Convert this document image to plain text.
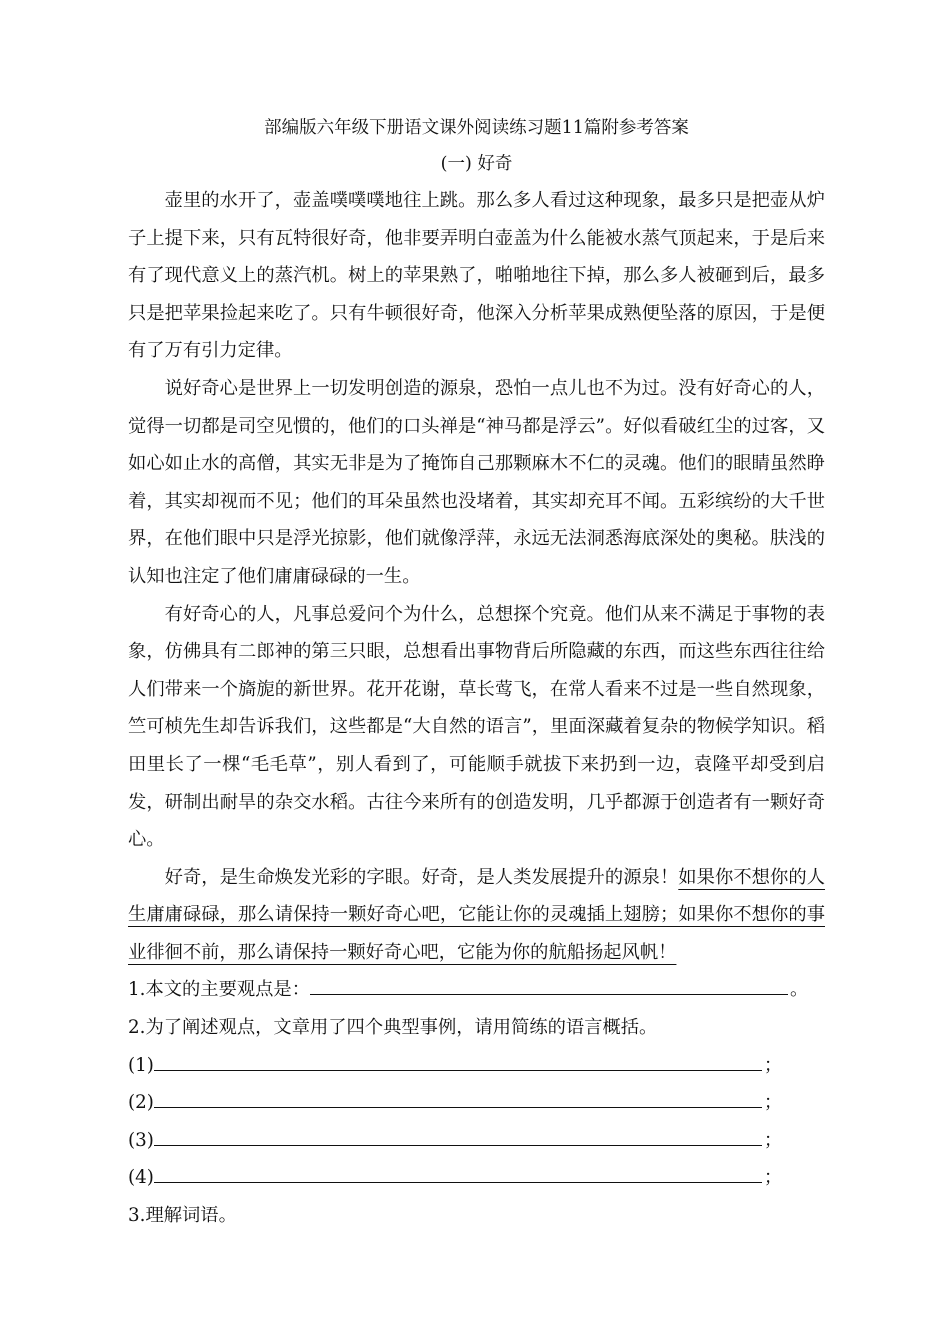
部编版六年级下册语文课外阅读练习题11篇附参考答案
(一) 好奇

壶里的水开了，壶盖噗噗噗地往上跳。那么多人看过这种现象，最多只是把壶从炉子上提下来，只有瓦特很好奇，他非要弄明白壶盖为什么能被水蒸气顶起来，于是后来有了现代意义上的蒸汽机。树上的苹果熟了，啪啪地往下掉，那么多人被砸到后，最多只是把苹果捡起来吃了。只有牛顿很好奇，他深入分析苹果成熟便坠落的原因，于是便有了万有引力定律。

说好奇心是世界上一切发明创造的源泉，恐怕一点儿也不为过。没有好奇心的人，觉得一切都是司空见惯的，他们的口头禅是“神马都是浮云”。好似看破红尘的过客，又如心如止水的高僧，其实无非是为了掩饰自己那颗麻木不仁的灵魂。他们的眼睛虽然睁着，其实却视而不见；他们的耳朵虽然也没堵着，其实却充耳不闻。五彩缤纷的大千世界，在他们眼中只是浮光掠影，他们就像浮萍，永远无法洞悉海底深处的奥秘。肤浅的认知也注定了他们庸庸碌碌的一生。

有好奇心的人，凡事总爱问个为什么，总想探个究竟。他们从来不满足于事物的表象，仿佛具有二郎神的第三只眼，总想看出事物背后所隐藏的东西，而这些东西往往给人们带来一个旖旎的新世界。花开花谢，草长莺飞，在常人看来不过是一些自然现象，竺可桢先生却告诉我们，这些都是“大自然的语言”，里面深藏着复杂的物候学知识。稻田里长了一棵“毛毛草”，别人看到了，可能顺手就拔下来扔到一边，袁隆平却受到启发，研制出耐旱的杂交水稻。古往今来所有的创造发明，几乎都源于创造者有一颗好奇心。

好奇，是生命焕发光彩的字眼。好奇，是人类发展提升的源泉！如果你不想你的人生庸庸碌碌，那么请保持一颗好奇心吧，它能让你的灵魂插上翅膀；如果你不想你的事业徘徊不前，那么请保持一颗好奇心吧，它能为你的航船扬起风帆！

1.本文的主要观点是：	。
2.为了阐述观点，文章用了四个典型事例，请用简练的语言概括。
(1)	；
(2)	；
(3)	；
(4)	；
3.理解词语。
